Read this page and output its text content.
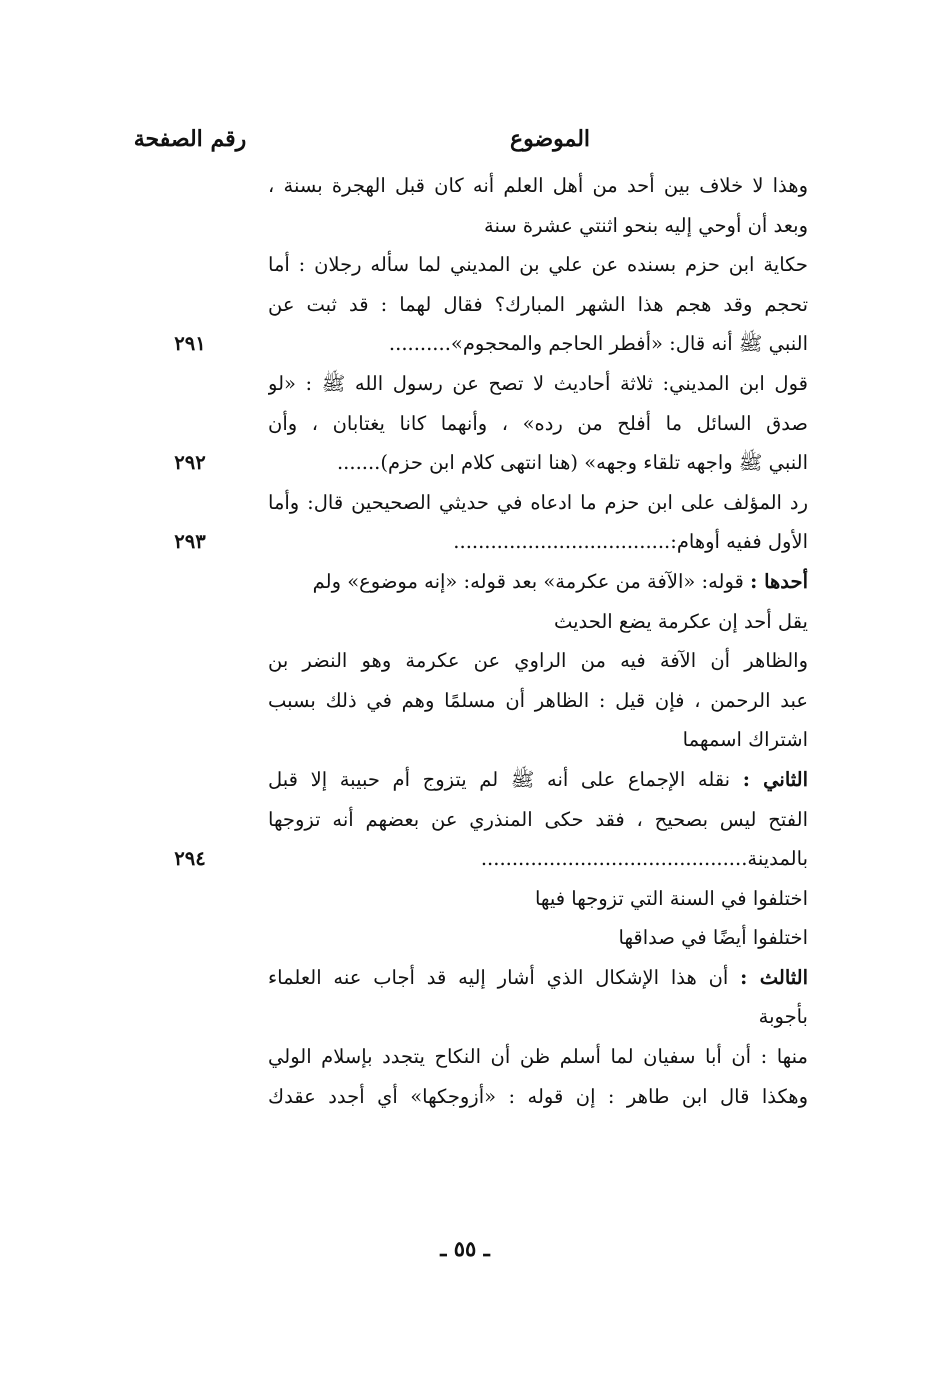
الموضوع
رقم الصفحة
وهذا لا خلاف بين أحد من أهل العلم أنه كان قبل الهجرة بسنة ،
وبعد أن أوحي إليه بنحو اثنتي عشرة سنة
حكاية ابن حزم بسنده عن علي بن المديني لما سأله رجلان : أما
تحجم وقد هجم هذا الشهر المبارك؟ فقال لهما : قد ثبت عن
النبي ﷺ أنه قال: «أفطر الحاجم والمحجوم»..........
٢٩١
قول ابن المديني: ثلاثة أحاديث لا تصح عن رسول الله ﷺ : «لو
صدق السائل ما أفلح من رده» ، وأنهما كانا يغتابان ، وأن
النبي ﷺ واجهه تلقاء وجهه» (هنا انتهى كلام ابن حزم).......
٢٩٢
رد المؤلف على ابن حزم ما ادعاه في حديثي الصحيحين قال: وأما
الأول ففيه أوهام:...................................
٢٩٣
أحدها : قوله: «الآفة من عكرمة» بعد قوله: «إنه موضوع» ولم
يقل أحد إن عكرمة يضع الحديث
والظاهر أن الآفة فيه من الراوي عن عكرمة وهو النضر بن
عبد الرحمن ، فإن قيل : الظاهر أن مسلمًا وهم في ذلك بسبب
اشتراك اسمهما
الثاني : نقله الإجماع على أنه ﷺ لم يتزوج أم حبيبة إلا قبل
الفتح ليس بصحيح ، فقد حكى المنذري عن بعضهم أنه تزوجها
بالمدينة...........................................
٢٩٤
اختلفوا في السنة التي تزوجها فيها
اختلفوا أيضًا في صداقها
الثالث : أن هذا الإشكال الذي أشار إليه قد أجاب عنه العلماء
بأجوبة
منها : أن أبا سفيان لما أسلم ظن أن النكاح يتجدد بإسلام الولي
وهكذا قال ابن طاهر : إن قوله : «أزوجكها» أي أجدد عقدك
ـ ٥٥ ـ
